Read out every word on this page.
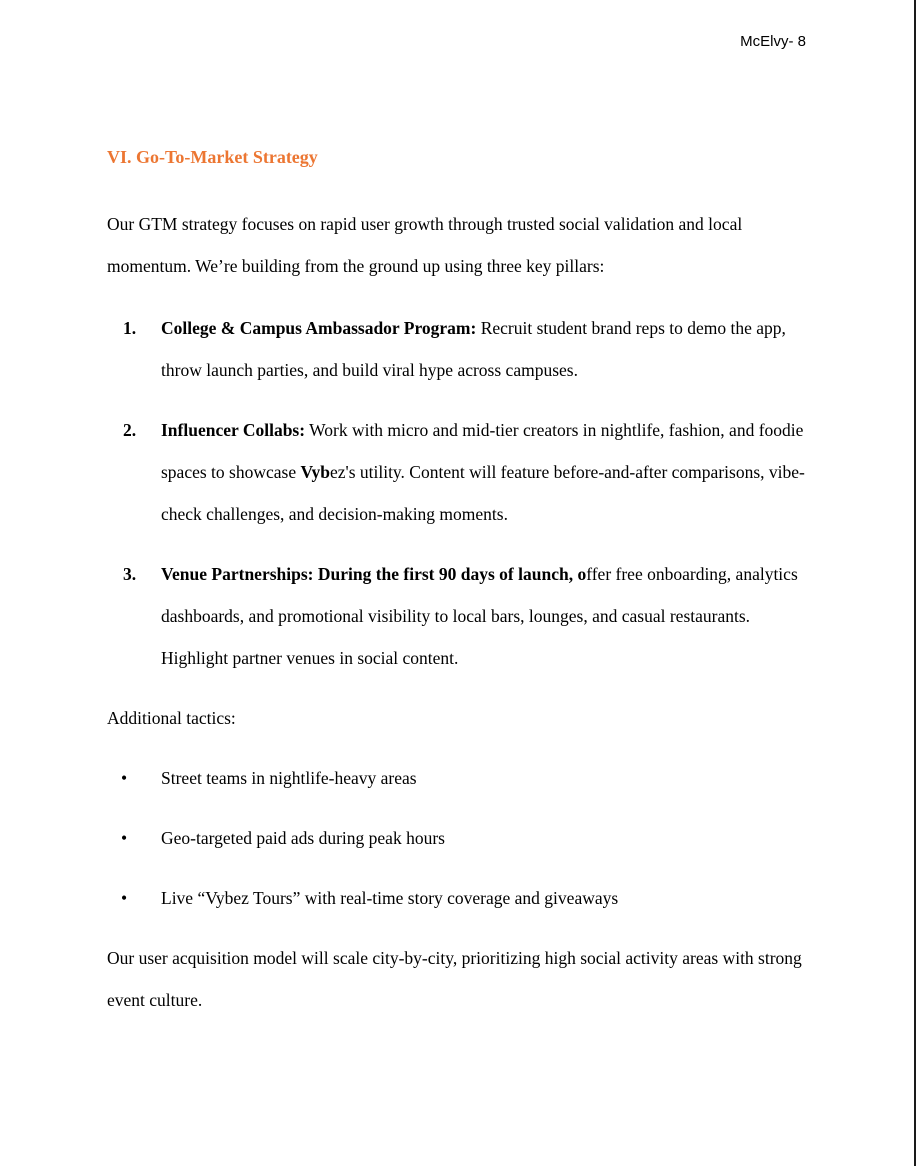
McElvy- 8
VI. Go-To-Market Strategy

Our GTM strategy focuses on rapid user growth through trusted social validation and local momentum. We’re building from the ground up using three key pillars:

1. College & Campus Ambassador Program: Recruit student brand reps to demo the app, throw launch parties, and build viral hype across campuses.
2. Influencer Collabs: Work with micro and mid-tier creators in nightlife, fashion, and foodie spaces to showcase Vybez's utility. Content will feature before-and-after comparisons, vibe-check challenges, and decision-making moments.
3. Venue Partnerships: During the first 90 days of launch, offer free onboarding, analytics dashboards, and promotional visibility to local bars, lounges, and casual restaurants. Highlight partner venues in social content.

Additional tactics:

• Street teams in nightlife-heavy areas
• Geo-targeted paid ads during peak hours
• Live “Vybez Tours” with real-time story coverage and giveaways

Our user acquisition model will scale city-by-city, prioritizing high social activity areas with strong event culture.
